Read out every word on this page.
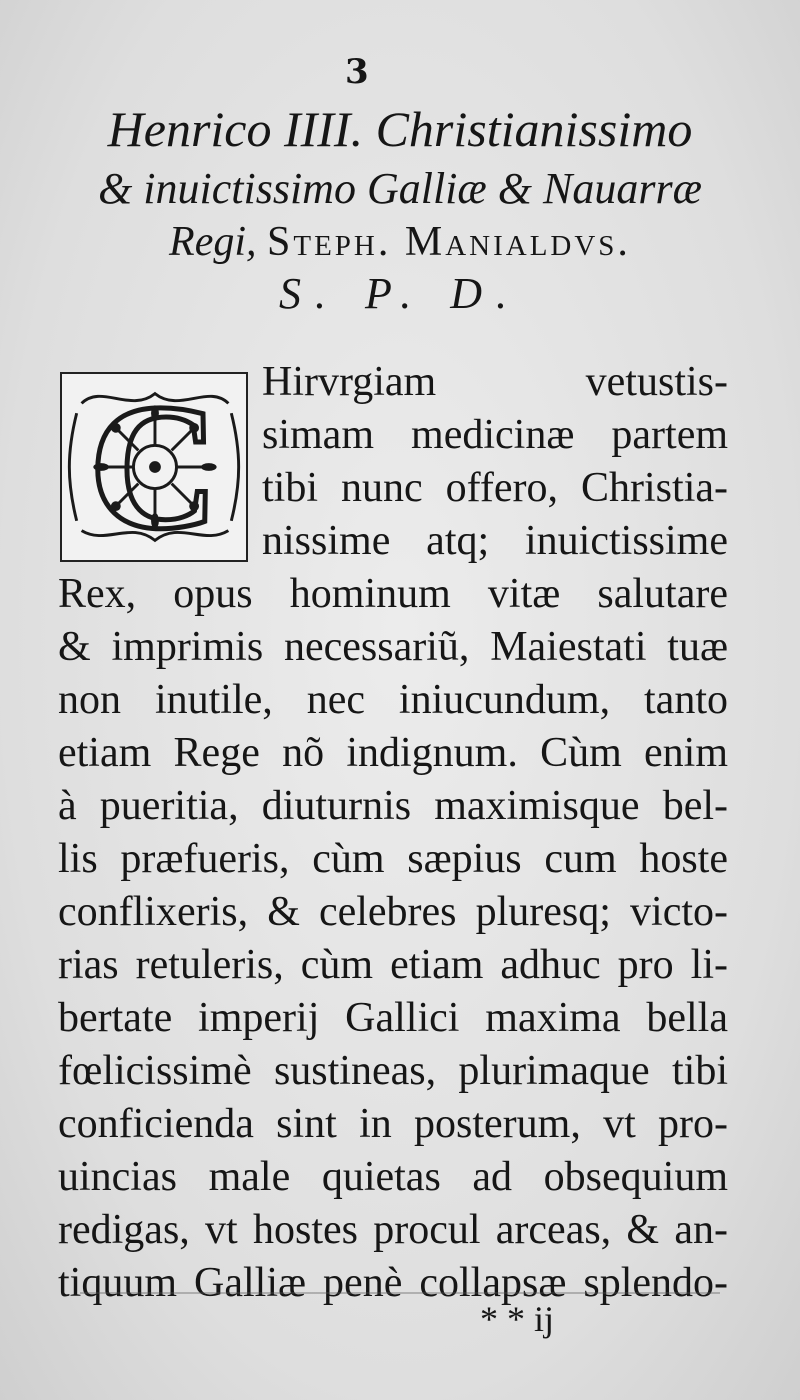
3
Henrico IIII. Christianissimo
& inuictissimo Galliæ & Nauarræ
Regi, Steph. Manialdvs.
S. P. D.
C	Hirvrgiam vetustis-
simam medicinæ partem
tibi nunc offero, Christia-
nissime atq; inuictissime
Rex, opus hominum vitæ salutare
& imprimis necessariũ, Maiestati tuæ
non inutile, nec iniucundum, tanto
etiam Rege nõ indignum. Cùm enim
à pueritia, diuturnis maximisque bel-
lis præfueris, cùm sæpius cum hoste
conflixeris, & celebres pluresq; victo-
rias retuleris, cùm etiam adhuc pro li-
bertate imperij Gallici maxima bella
fœlicissimè sustineas, plurimaque tibi
conficienda sint in posterum, vt pro-
uincias male quietas ad obsequium
redigas, vt hostes procul arceas, & an-
tiquum Galliæ penè collapsæ splendo-
* * ij
